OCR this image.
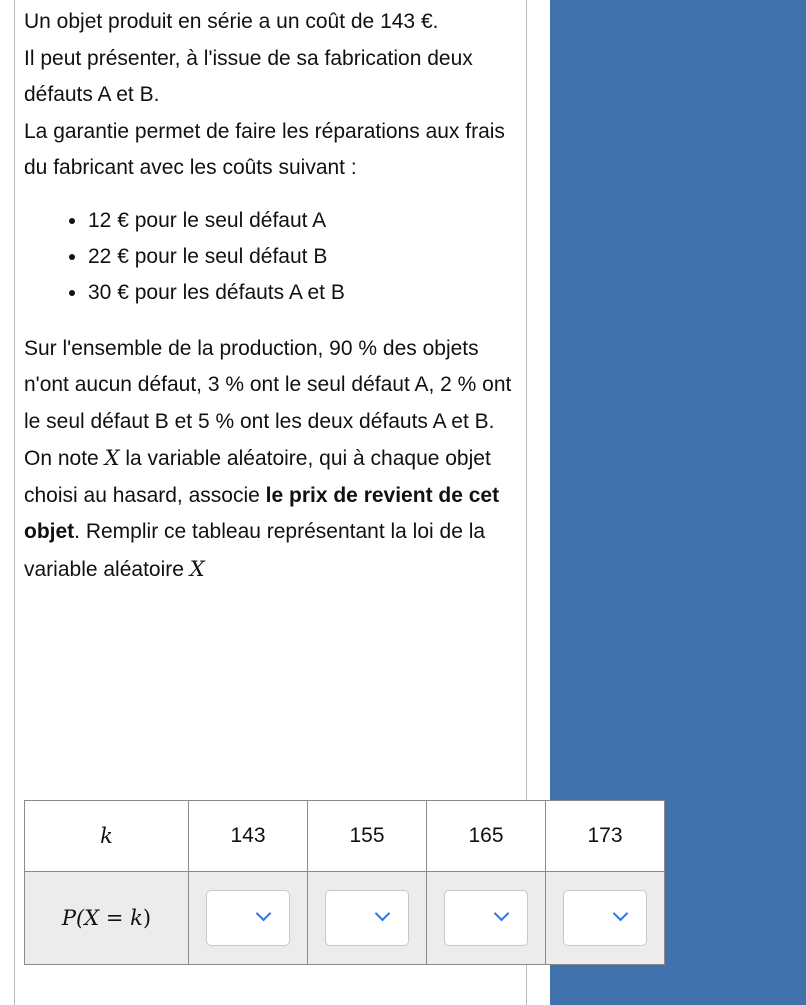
Un objet produit en série a un coût de 143 €.

Il peut présenter, à l'issue de sa fabrication deux défauts A et B.

La garantie permet de faire les réparations aux frais du fabricant avec les coûts suivant :

• 12 € pour le seul défaut A
• 22 € pour le seul défaut B
• 30 € pour les défauts A et B

Sur l'ensemble de la production, 90 % des objets n'ont aucun défaut, 3 % ont le seul défaut A, 2 % ont le seul défaut B et 5 % ont les deux défauts A et B.

On note X la variable aléatoire, qui à chaque objet choisi au hasard, associe le prix de revient de cet objet. Remplir ce tableau représentant la loi de la variable aléatoire X

k	143	155	165	173
P(X = k)	
